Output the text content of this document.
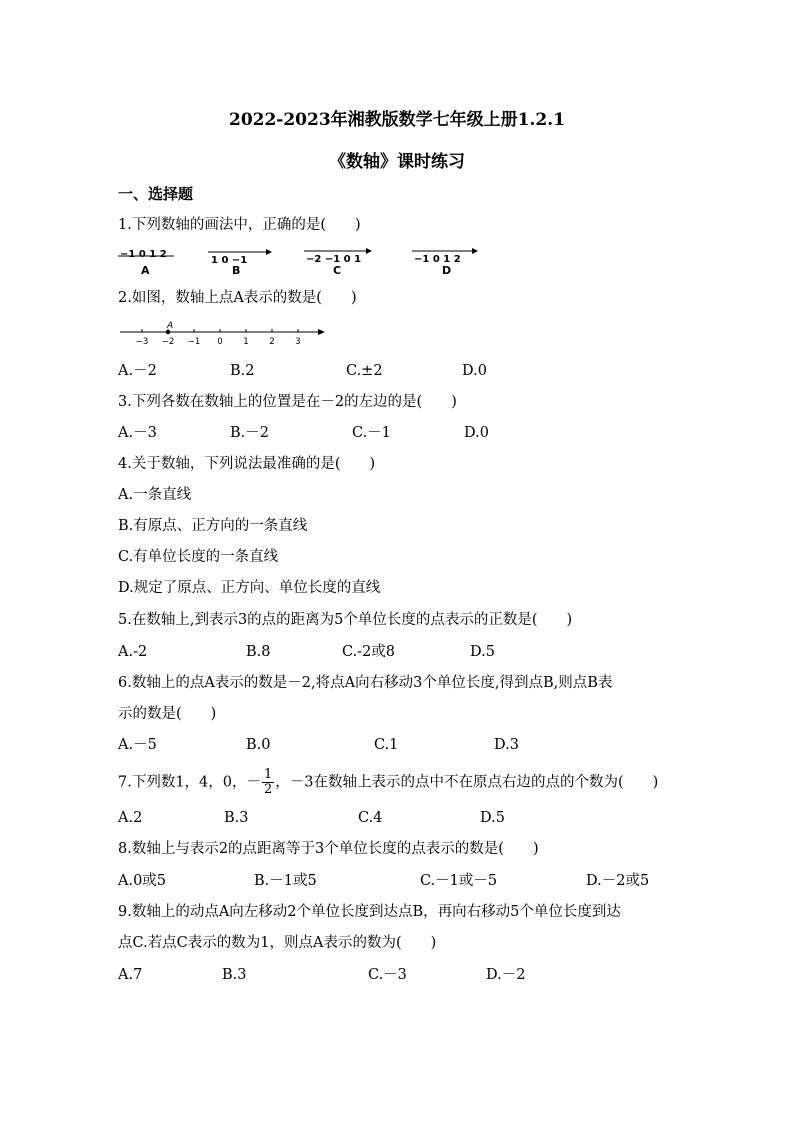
2022-2023年湘教版数学七年级上册1.2.1
《数轴》课时练习
一、选择题
1.下列数轴的画法中，正确的是(　　)
−1 0 1 2
A
1 0 −1
B
−2 −1 0 1
C
−1 0 1 2
D
2.如图，数轴上点A表示的数是(　　)
−3 −2 −1 0 1 2 3
A
A.－2	B.2	C.±2	D.0
3.下列各数在数轴上的位置是在－2的左边的是(　　)
A.－3	B.－2	C.－1	D.0
4.关于数轴，下列说法最准确的是(　　)
A.一条直线
B.有原点、正方向的一条直线
C.有单位长度的一条直线
D.规定了原点、正方向、单位长度的直线
5.在数轴上,到表示3的点的距离为5个单位长度的点表示的正数是(　　)
A.-2	B.8	C.-2或8	D.5
6.数轴上的点A表示的数是－2,将点A向右移动3个单位长度,得到点B,则点B表
示的数是(　　)
A.－5	B.0	C.1	D.3
7.下列数1，4，0，－ $\frac{1}{2}$ ，－3在数轴上表示的点中不在原点右边的点的个数为(　　)
A.2	B.3	C.4	D.5
8.数轴上与表示2的点距离等于3个单位长度的点表示的数是(　　)
A.0或5	B.－1或5	C.－1或－5	D.－2或5
9.数轴上的动点A向左移动2个单位长度到达点B，再向右移动5个单位长度到达
点C.若点C表示的数为1，则点A表示的数为(　　)
A.7	B.3	C.－3	D.－2
